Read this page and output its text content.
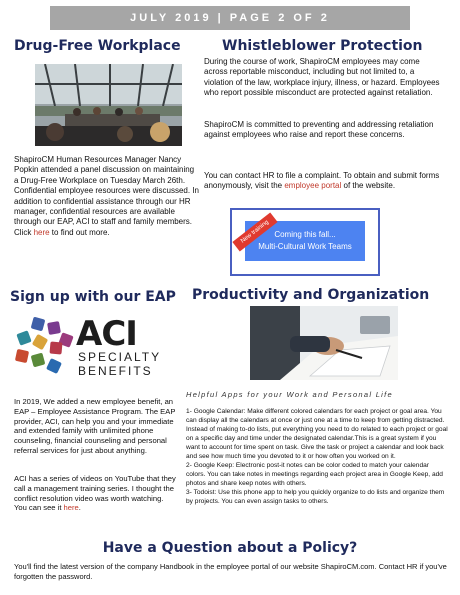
JULY 2019 | PAGE 2 OF 2
Drug-Free Workplace
ShapiroCM Human Resources Manager Nancy Popkin attended a panel discussion on maintaining a Drug-Free Workplace on Tuesday March 26th. Confidential employee resources were discussed. In addition to confidential assistance through our HR manager, confidential resources are available through our EAP, ACI to staff and family members. Click here to find out more.
Whistleblower Protection
During the course of work, ShapiroCM employees may come across reportable misconduct, including but not limited to, a violation of the law, workplace injury, illness, or hazard. Employees who report possible misconduct are protected against retaliation.
ShapiroCM is committed to preventing and addressing retaliation against employees who raise and report these concerns.
You can contact HR to file a complaint. To obtain and submit forms anonymously, visit the employee portal of the website.
Coming this fall...
Multi-Cultural Work Teams
New training
Sign up with our EAP
ACI
SPECIALTY
BENEFITS
In 2019, We added a new employee benefit, an EAP – Employee Assistance Program. The EAP provider, ACI, can help you and your immediate and extended family with unlimited phone counseling, financial counseling and personal referral services for just about anything.
ACI has a series of videos on YouTube that they call a management training series. I thought the conflict resolution video was worth watching. You can see it here.
Productivity and Organization
Helpful Apps for your Work and Personal Life
1- Google Calendar: Make different colored calendars for each project or goal area. You can display all the calendars at once or just one at a time to keep from getting distracted. Instead of making to-do lists, put everything you need to do related to each project or goal on a specific day and time under the designated calendar.This is a great system if you want to account for time spent on task. Give the task or project a calendar and look back and see how much time you devoted to it or how often you worked on it.
2- Google Keep: Electronic post-it notes can be color coded to match your calendar colors. You can take notes in meetings regarding each project area in Google Keep, add photos and share keep notes with others.
3- Todoist: Use this phone app to help you quickly organize to do lists and organize them by projects. You can even assign tasks to others.
Have a Question about a Policy?
You'll find the latest version of the company Handbook in the employee portal of our website ShapiroCM.com. Contact HR if you've forgotten the password.
